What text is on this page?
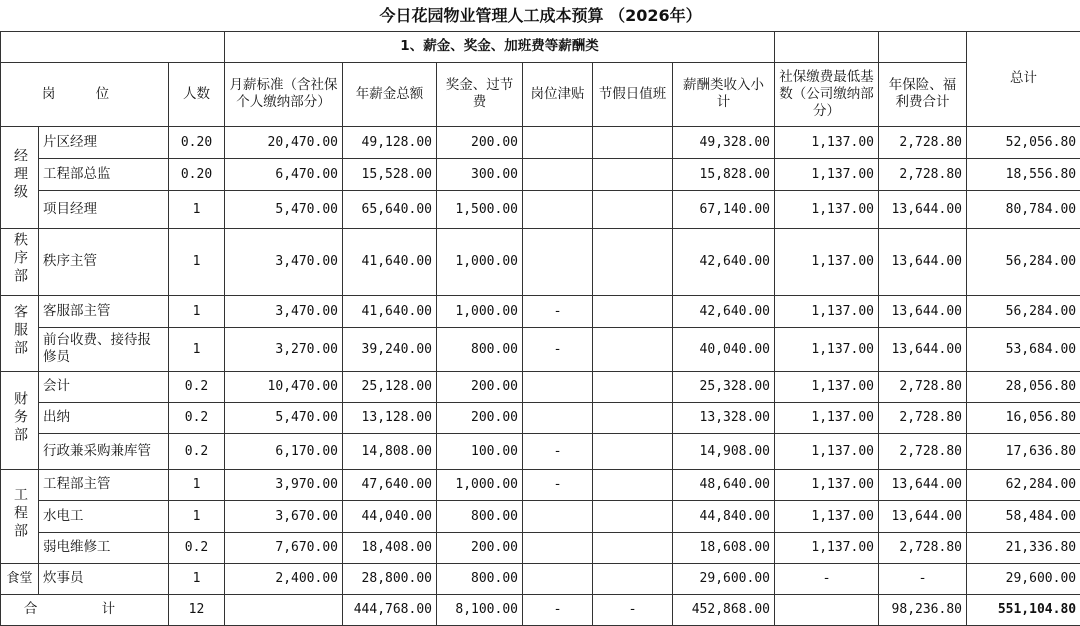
今日花园物业管理人工成本预算 （2026年）											
			1、薪金、奖金、加班费等薪酬类								总计
岗 位		人数	月薪标准（含社保个人缴纳部分）	年薪金总额	奖金、过节费	岗位津贴	节假日值班	薪酬类收入小计	社保缴费最低基数（公司缴纳部分）	年保险、福利费合计	
经理级	片区经理	0.20	20,470.00	49,128.00	200.00			49,328.00	1,137.00	2,728.80	52,056.80
	工程部总监	0.20	6,470.00	15,528.00	300.00			15,828.00	1,137.00	2,728.80	18,556.80
	项目经理	1	5,470.00	65,640.00	1,500.00			67,140.00	1,137.00	13,644.00	80,784.00
秩序部	秩序主管	1	3,470.00	41,640.00	1,000.00			42,640.00	1,137.00	13,644.00	56,284.00
客服部	客服部主管	1	3,470.00	41,640.00	1,000.00	-		42,640.00	1,137.00	13,644.00	56,284.00
	前台收费、接待报修员	1	3,270.00	39,240.00	800.00	-		40,040.00	1,137.00	13,644.00	53,684.00
财务部	会计	0.2	10,470.00	25,128.00	200.00			25,328.00	1,137.00	2,728.80	28,056.80
	出纳	0.2	5,470.00	13,128.00	200.00			13,328.00	1,137.00	2,728.80	16,056.80
	行政兼采购兼库管	0.2	6,170.00	14,808.00	100.00	-		14,908.00	1,137.00	2,728.80	17,636.80
工程部	工程部主管	1	3,970.00	47,640.00	1,000.00	-		48,640.00	1,137.00	13,644.00	62,284.00
	水电工	1	3,670.00	44,040.00	800.00			44,840.00	1,137.00	13,644.00	58,484.00
	弱电维修工	0.2	7,670.00	18,408.00	200.00			18,608.00	1,137.00	2,728.80	21,336.80
食堂	炊事员	1	2,400.00	28,800.00	800.00			29,600.00	-	-	29,600.00
合 计		12		444,768.00	8,100.00	-	-	452,868.00		98,236.80	551,104.80
